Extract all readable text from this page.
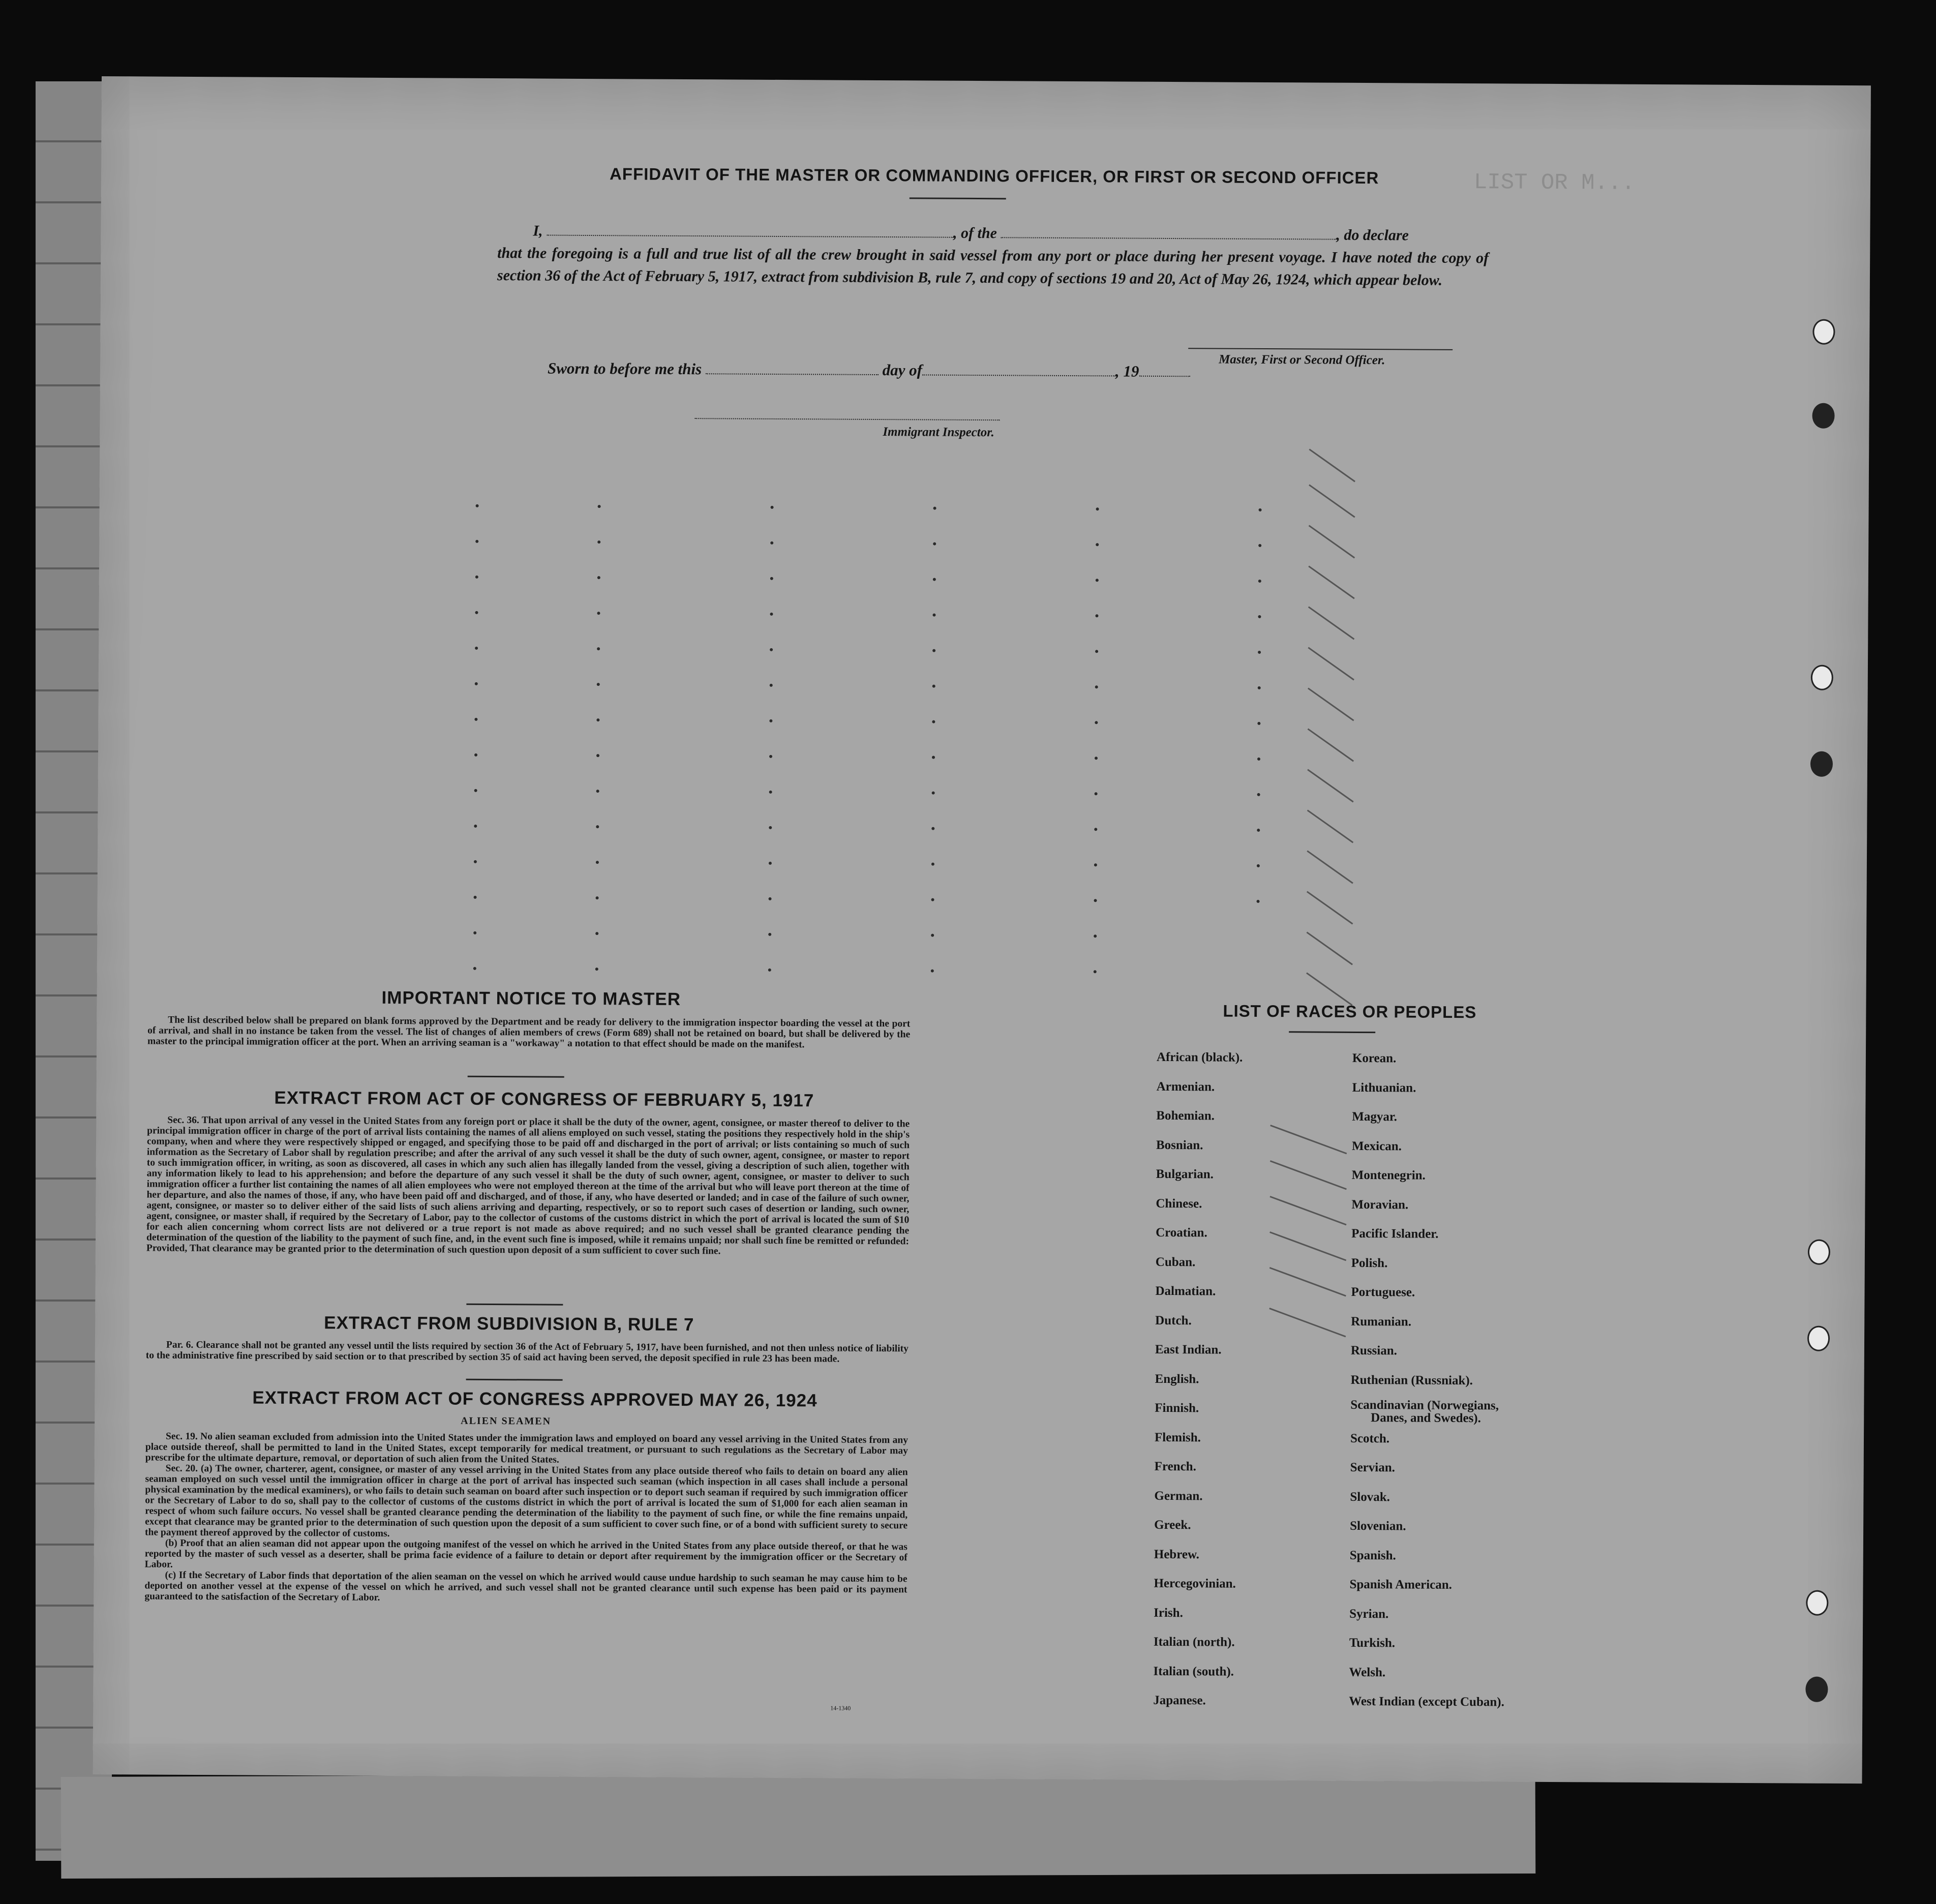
LIST OR M...
AFFIDAVIT OF THE MASTER OR COMMANDING OFFICER, OR FIRST OR SECOND OFFICER
I,	, of the	, do declare
that the foregoing is a full and true list of all the crew brought in said vessel from any port or place during her present voyage. I have noted the copy of section 36 of the Act of February 5, 1917, extract from subdivision B, rule 7, and copy of sections 19 and 20, Act of May 26, 1924, which appear below.
Master, First or Second Officer.
Sworn to before me this	day of	, 19
Immigrant Inspector.
IMPORTANT NOTICE TO MASTER

The list described below shall be prepared on blank forms approved by the Department and be ready for delivery to the immigration inspector boarding the vessel at the port of arrival, and shall in no instance be taken from the vessel. The list of changes of alien members of crews (Form 689) shall not be retained on board, but shall be delivered by the master to the principal immigration officer at the port. When an arriving seaman is a "workaway" a notation to that effect should be made on the manifest.

EXTRACT FROM ACT OF CONGRESS OF FEBRUARY 5, 1917

Sec. 36. That upon arrival of any vessel in the United States from any foreign port or place it shall be the duty of the owner, agent, consignee, or master thereof to deliver to the principal immigration officer in charge of the port of arrival lists containing the names of all aliens employed on such vessel, stating the positions they respectively hold in the ship's company, when and where they were respectively shipped or engaged, and specifying those to be paid off and discharged in the port of arrival; or lists containing so much of such information as the Secretary of Labor shall by regulation prescribe; and after the arrival of any such vessel it shall be the duty of such owner, agent, consignee, or master to report to such immigration officer, in writing, as soon as discovered, all cases in which any such alien has illegally landed from the vessel, giving a description of such alien, together with any information likely to lead to his apprehension; and before the departure of any such vessel it shall be the duty of such owner, agent, consignee, or master to deliver to such immigration officer a further list containing the names of all alien employees who were not employed thereon at the time of the arrival but who will leave port thereon at the time of her departure, and also the names of those, if any, who have been paid off and discharged, and of those, if any, who have deserted or landed; and in case of the failure of such owner, agent, consignee, or master so to deliver either of the said lists of such aliens arriving and departing, respectively, or so to report such cases of desertion or landing, such owner, agent, consignee, or master shall, if required by the Secretary of Labor, pay to the collector of customs of the customs district in which the port of arrival is located the sum of $10 for each alien concerning whom correct lists are not delivered or a true report is not made as above required; and no such vessel shall be granted clearance pending the determination of the question of the liability to the payment of such fine, and, in the event such fine is imposed, while it remains unpaid; nor shall such fine be remitted or refunded: Provided, That clearance may be granted prior to the determination of such question upon deposit of a sum sufficient to cover such fine.

EXTRACT FROM SUBDIVISION B, RULE 7

Par. 6. Clearance shall not be granted any vessel until the lists required by section 36 of the Act of February 5, 1917, have been furnished, and not then unless notice of liability to the administrative fine prescribed by said section or to that prescribed by section 35 of said act having been served, the deposit specified in rule 23 has been made.

EXTRACT FROM ACT OF CONGRESS APPROVED MAY 26, 1924
ALIEN SEAMEN

Sec. 19. No alien seaman excluded from admission into the United States under the immigration laws and employed on board any vessel arriving in the United States from any place outside thereof, shall be permitted to land in the United States, except temporarily for medical treatment, or pursuant to such regulations as the Secretary of Labor may prescribe for the ultimate departure, removal, or deportation of such alien from the United States.

Sec. 20. (a) The owner, charterer, agent, consignee, or master of any vessel arriving in the United States from any place outside thereof who fails to detain on board any alien seaman employed on such vessel until the immigration officer in charge at the port of arrival has inspected such seaman (which inspection in all cases shall include a personal physical examination by the medical examiners), or who fails to detain such seaman on board after such inspection or to deport such seaman if required by such immigration officer or the Secretary of Labor to do so, shall pay to the collector of customs of the customs district in which the port of arrival is located the sum of $1,000 for each alien seaman in respect of whom such failure occurs. No vessel shall be granted clearance pending the determination of the liability to the payment of such fine, or while the fine remains unpaid, except that clearance may be granted prior to the determination of such question upon the deposit of a sum sufficient to cover such fine, or of a bond with sufficient surety to secure the payment thereof approved by the collector of customs.

(b) Proof that an alien seaman did not appear upon the outgoing manifest of the vessel on which he arrived in the United States from any place outside thereof, or that he was reported by the master of such vessel as a deserter, shall be prima facie evidence of a failure to detain or deport after requirement by the immigration officer or the Secretary of Labor.

(c) If the Secretary of Labor finds that deportation of the alien seaman on the vessel on which he arrived would cause undue hardship to such seaman he may cause him to be deported on another vessel at the expense of the vessel on which he arrived, and such vessel shall not be granted clearance until such expense has been paid or its payment guaranteed to the satisfaction of the Secretary of Labor.

14-1340
LIST OF RACES OR PEOPLES
African (black).
Armenian.
Bohemian.
Bosnian.
Bulgarian.
Chinese.
Croatian.
Cuban.
Dalmatian.
Dutch.
East Indian.
English.
Finnish.
Flemish.
French.
German.
Greek.
Hebrew.
Hercegovinian.
Irish.
Italian (north).
Italian (south).
Japanese.
Korean.
Lithuanian.
Magyar.
Mexican.
Montenegrin.
Moravian.
Pacific Islander.
Polish.
Portuguese.
Rumanian.
Russian.
Ruthenian (Russniak).
Scandinavian (Norwegians,
Danes, and Swedes).
Scotch.
Servian.
Slovak.
Slovenian.
Spanish.
Spanish American.
Syrian.
Turkish.
Welsh.
West Indian (except Cuban).
